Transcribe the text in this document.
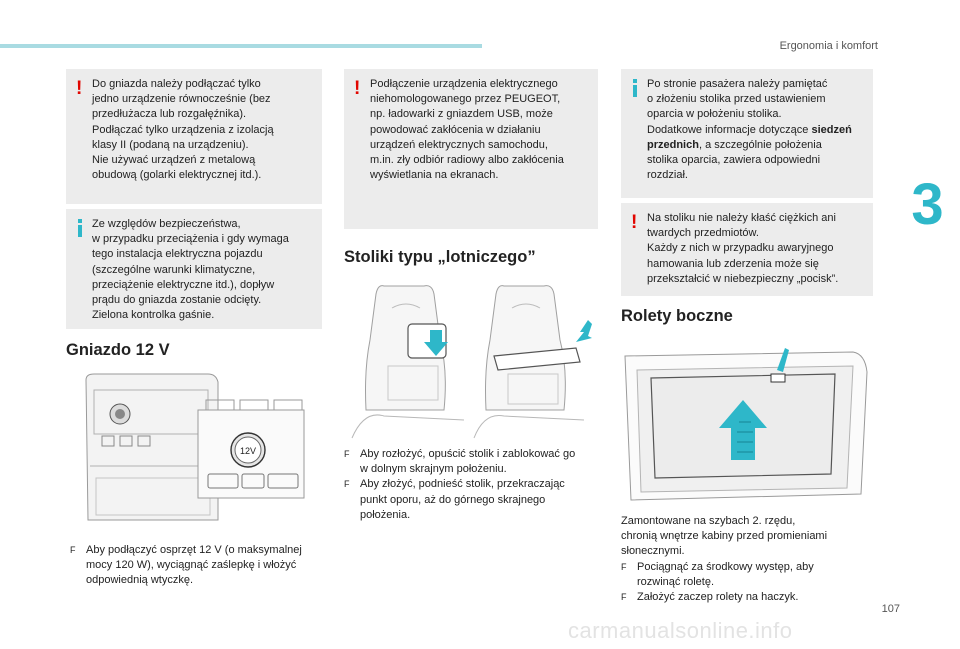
Ergonomia i komfort
3
! Do gniazda należy podłączać tylko

jedno urządzenie równocześnie (bez

przedłużacza lub rozgałęźnika).

Podłączać tylko urządzenia z izolacją

klasy II (podaną na urządzeniu).

Nie używać urządzeń z metalową

obudową (golarki elektrycznej itd.).

Ze względów bezpieczeństwa,

w przypadku przeciążenia i gdy wymaga

tego instalacja elektryczna pojazdu

(szczególne warunki klimatyczne,

przeciążenie elektryczne itd.), dopływ

prądu do gniazda zostanie odcięty.

Zielona kontrolka gaśnie.

Gniazdo 12 V
12V
F Aby podłączyć osprzęt 12 V (o maksymalnej
mocy 120 W), wyciągnąć zaślepkę i włożyć
odpowiednią wtyczkę.
! Podłączenie urządzenia elektrycznego

niehomologowanego przez PEUGEOT,

np. ładowarki z gniazdem USB, może

powodować zakłócenia w działaniu

urządzeń elektrycznych samochodu,

m.in. zły odbiór radiowy albo zakłócenia

wyświetlania na ekranach.

Stoliki typu „lotniczego”
F Aby rozłożyć, opuścić stolik i zablokować go
w dolnym skrajnym położeniu.
F Aby złożyć, podnieść stolik, przekraczając
punkt oporu, aż do górnego skrajnego
położenia.

Po stronie pasażera należy pamiętać

o złożeniu stolika przed ustawieniem

oparcia w położeniu stolika.

Dodatkowe informacje dotyczące siedzeń

przednich, a szczególnie położenia

stolika oparcia, zawiera odpowiedni

rozdział.

! Na stoliku nie należy kłaść ciężkich ani

twardych przedmiotów.

Każdy z nich w przypadku awaryjnego

hamowania lub zderzenia może się

przekształcić w niebezpieczny „pocisk”.

Rolety boczne
Zamontowane na szybach 2. rzędu,
chronią wnętrze kabiny przed promieniami
słonecznymi.
F Pociągnąć za środkowy występ, aby
rozwinąć roletę.
F Założyć zaczep rolety na haczyk.
107
carmanualsonline.info
